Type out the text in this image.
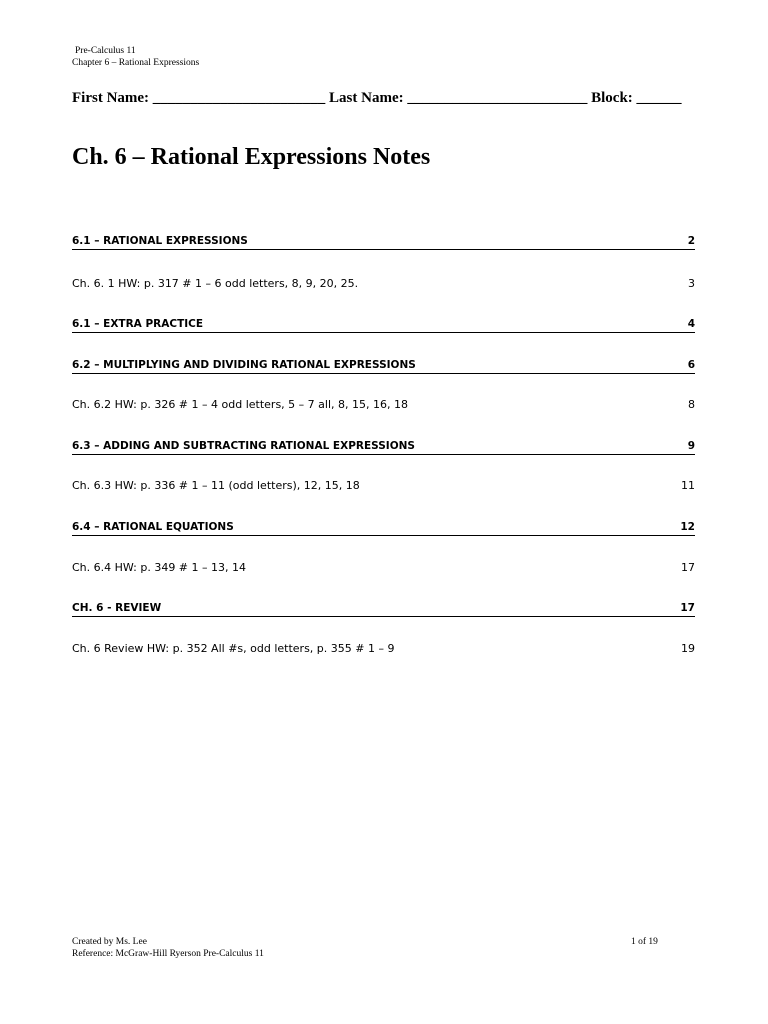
Pre-Calculus 11
Chapter 6 – Rational Expressions
First Name: _______________________ Last Name: ________________________ Block: ______
Ch. 6 – Rational Expressions Notes
6.1 – RATIONAL EXPRESSIONS	2
Ch. 6. 1 HW: p. 317 # 1 – 6 odd letters, 8, 9, 20, 25.	3
6.1 – EXTRA PRACTICE	4
6.2 – MULTIPLYING AND DIVIDING RATIONAL EXPRESSIONS	6
Ch. 6.2 HW: p. 326 # 1 – 4 odd letters, 5 – 7 all, 8, 15, 16, 18	8
6.3 – ADDING AND SUBTRACTING RATIONAL EXPRESSIONS	9
Ch. 6.3 HW: p. 336 # 1 – 11 (odd letters), 12, 15, 18	11
6.4 – RATIONAL EQUATIONS	12
Ch. 6.4 HW: p. 349 # 1 – 13, 14	17
CH. 6 - REVIEW	17
Ch. 6 Review HW: p. 352 All #s, odd letters, p. 355 # 1 – 9	19
Created by Ms. Lee
Reference: McGraw-Hill Ryerson Pre-Calculus 11
1 of 19
